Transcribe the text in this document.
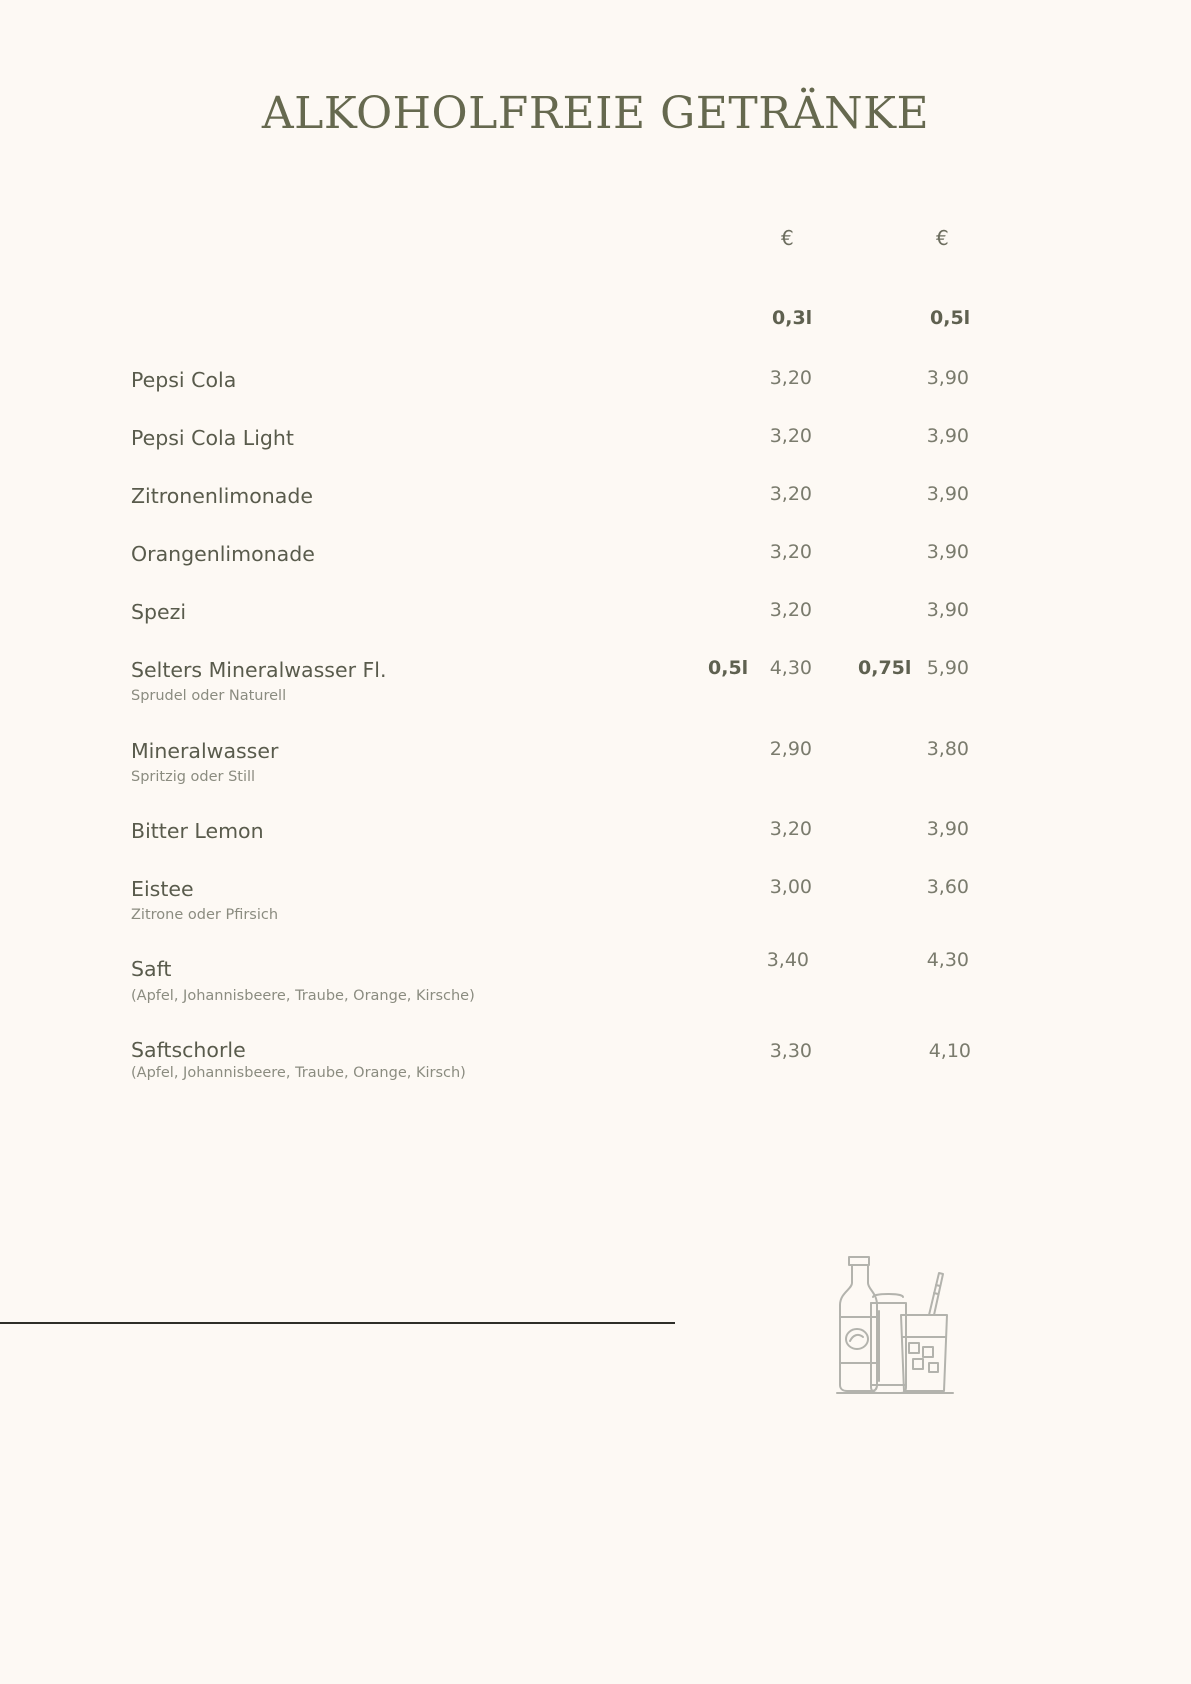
ALKOHOLFREIE GETRÄNKE
€	€
0,3l	0,5l
Pepsi Cola	3,20	3,90
Pepsi Cola Light	3,20	3,90
Zitronenlimonade	3,20	3,90
Orangenlimonade	3,20	3,90
Spezi	3,20	3,90
Selters Mineralwasser Fl.
Sprudel oder Naturell
0,5l	4,30 0,75l 5,90
Mineralwasser
Spritzig oder Still
2,90	3,80
Bitter Lemon	3,20	3,90
Eistee
Zitrone oder Pfirsich
3,00	3,60
Saft
(Apfel, Johannisbeere, Traube, Orange, Kirsche)
3,40	4,30
Saftschorle
(Apfel, Johannisbeere, Traube, Orange, Kirsch)
3,30	4,10
